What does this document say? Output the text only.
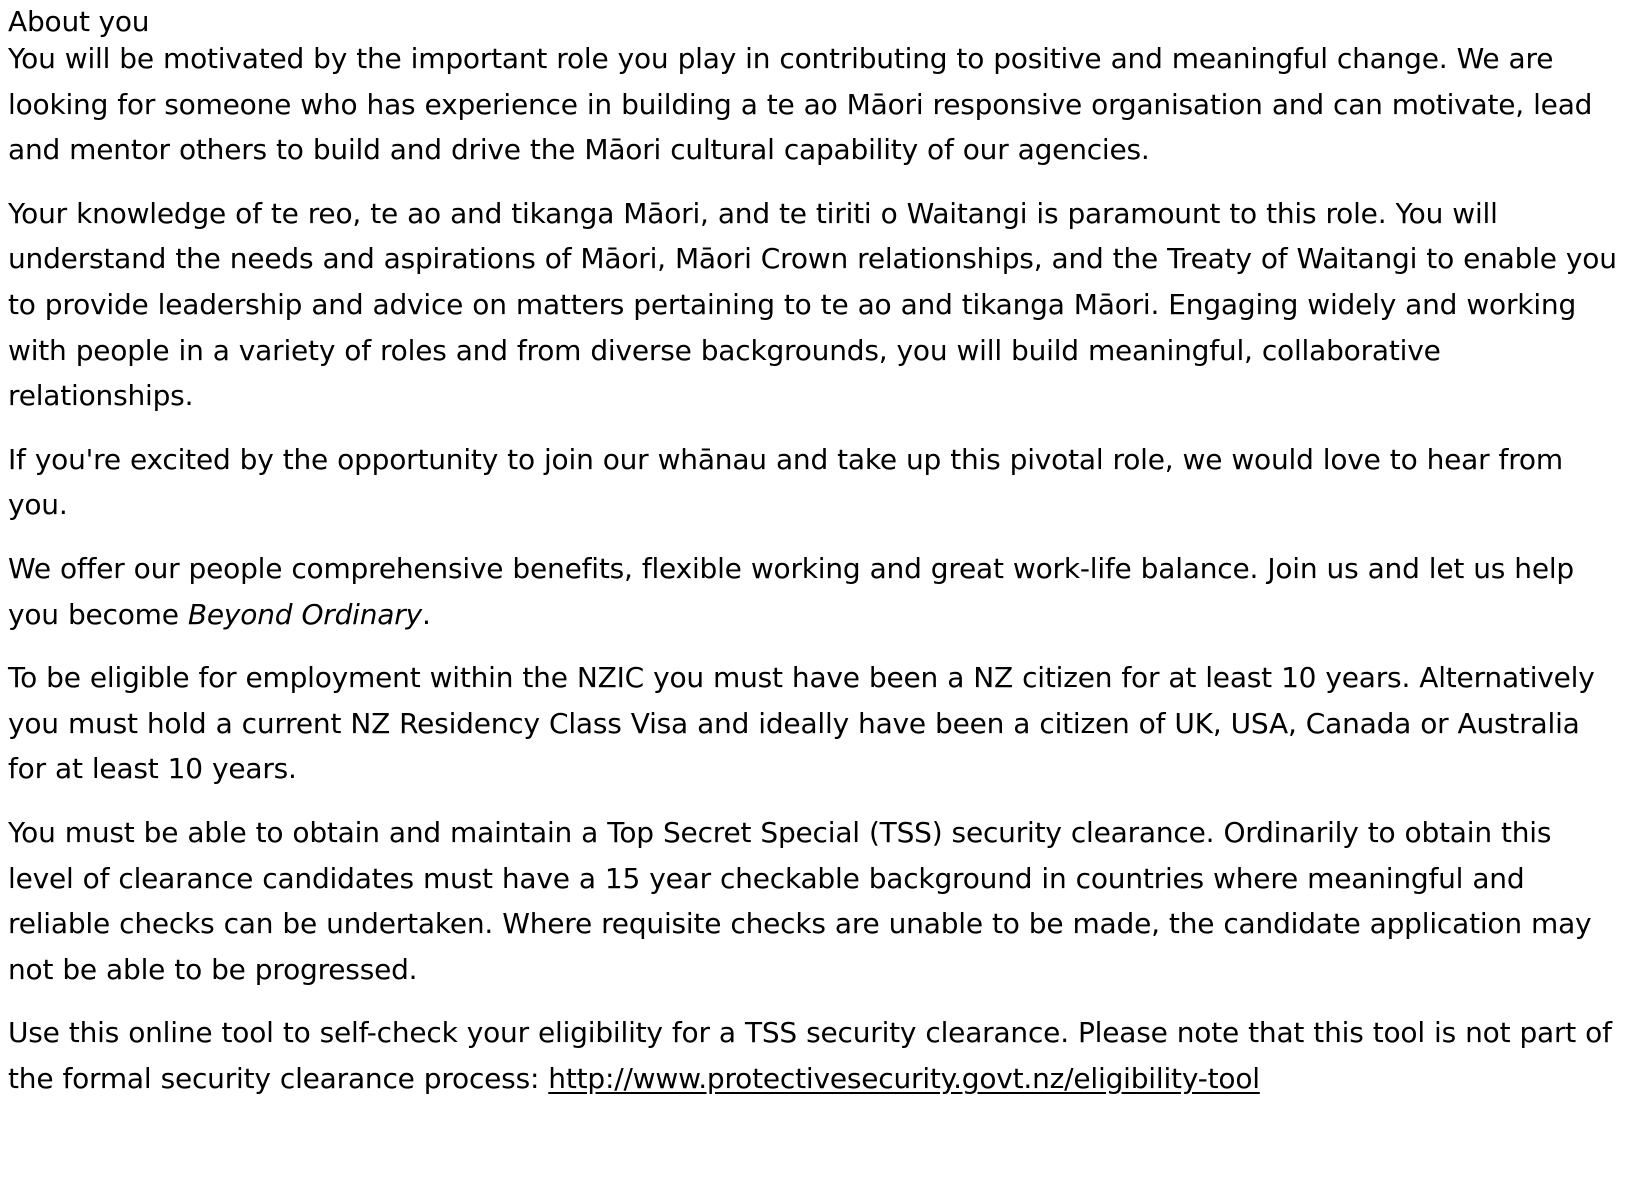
About you

You will be motivated by the important role you play in contributing to positive and meaningful change. We are looking for someone who has experience in building a te ao Māori responsive organisation and can motivate, lead and mentor others to build and drive the Māori cultural capability of our agencies.

Your knowledge of te reo, te ao and tikanga Māori, and te tiriti o Waitangi is paramount to this role. You will understand the needs and aspirations of Māori, Māori Crown relationships, and the Treaty of Waitangi to enable you to provide leadership and advice on matters pertaining to te ao and tikanga Māori. Engaging widely and working with people in a variety of roles and from diverse backgrounds, you will build meaningful, collaborative relationships.

If you're excited by the opportunity to join our whānau and take up this pivotal role, we would love to hear from you.

We offer our people comprehensive benefits, flexible working and great work-life balance. Join us and let us help you become Beyond Ordinary.

To be eligible for employment within the NZIC you must have been a NZ citizen for at least 10 years. Alternatively you must hold a current NZ Residency Class Visa and ideally have been a citizen of UK, USA, Canada or Australia for at least 10 years.

You must be able to obtain and maintain a Top Secret Special (TSS) security clearance. Ordinarily to obtain this level of clearance candidates must have a 15 year checkable background in countries where meaningful and reliable checks can be undertaken. Where requisite checks are unable to be made, the candidate application may not be able to be progressed.

Use this online tool to self-check your eligibility for a TSS security clearance. Please note that this tool is not part of the formal security clearance process: http://www.protectivesecurity.govt.nz/eligibility-tool
